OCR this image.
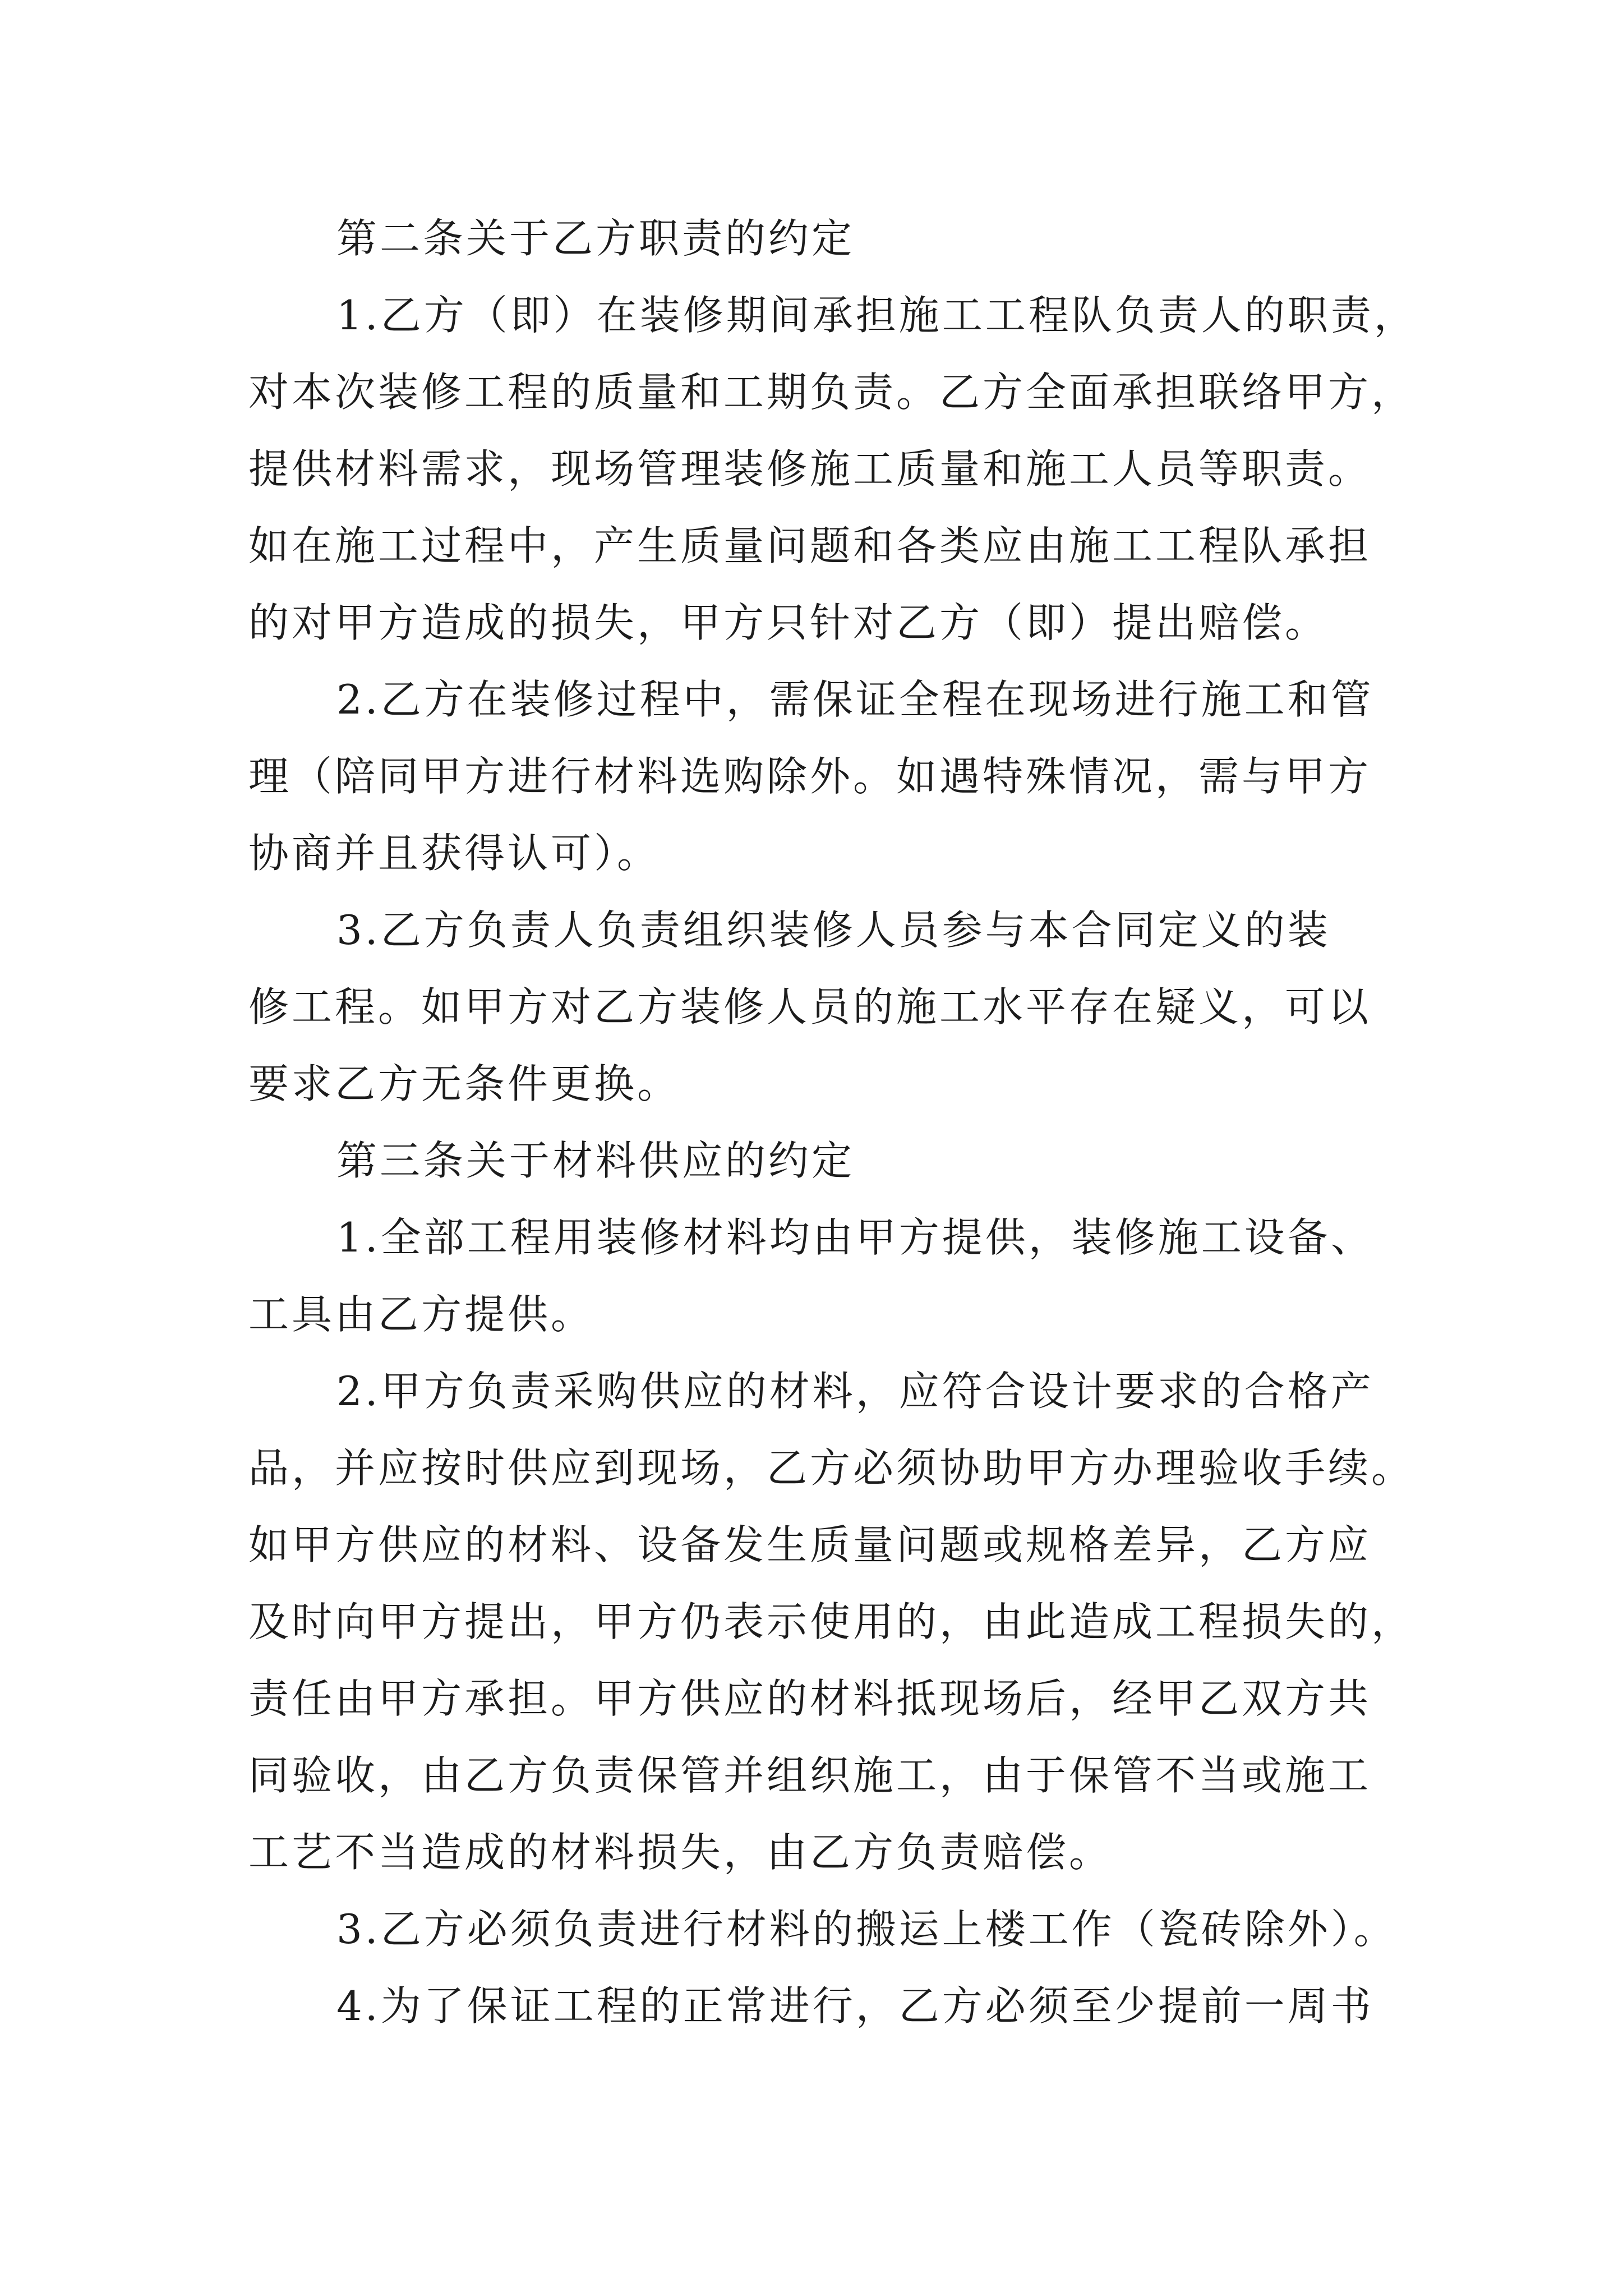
第二条关于乙方职责的约定
1.乙方（即）在装修期间承担施工工程队负责人的职责，
对本次装修工程的质量和工期负责。乙方全面承担联络甲方，
提供材料需求，现场管理装修施工质量和施工人员等职责。
如在施工过程中，产生质量问题和各类应由施工工程队承担
的对甲方造成的损失，甲方只针对乙方（即）提出赔偿。
2.乙方在装修过程中，需保证全程在现场进行施工和管
理（陪同甲方进行材料选购除外。如遇特殊情况，需与甲方
协商并且获得认可）。
3.乙方负责人负责组织装修人员参与本合同定义的装
修工程。如甲方对乙方装修人员的施工水平存在疑义，可以
要求乙方无条件更换。
第三条关于材料供应的约定
1.全部工程用装修材料均由甲方提供，装修施工设备、
工具由乙方提供。
2.甲方负责采购供应的材料，应符合设计要求的合格产
品，并应按时供应到现场，乙方必须协助甲方办理验收手续。
如甲方供应的材料、设备发生质量问题或规格差异，乙方应
及时向甲方提出，甲方仍表示使用的，由此造成工程损失的，
责任由甲方承担。甲方供应的材料抵现场后，经甲乙双方共
同验收，由乙方负责保管并组织施工，由于保管不当或施工
工艺不当造成的材料损失，由乙方负责赔偿。
3.乙方必须负责进行材料的搬运上楼工作（瓷砖除外）。
4.为了保证工程的正常进行，乙方必须至少提前一周书
